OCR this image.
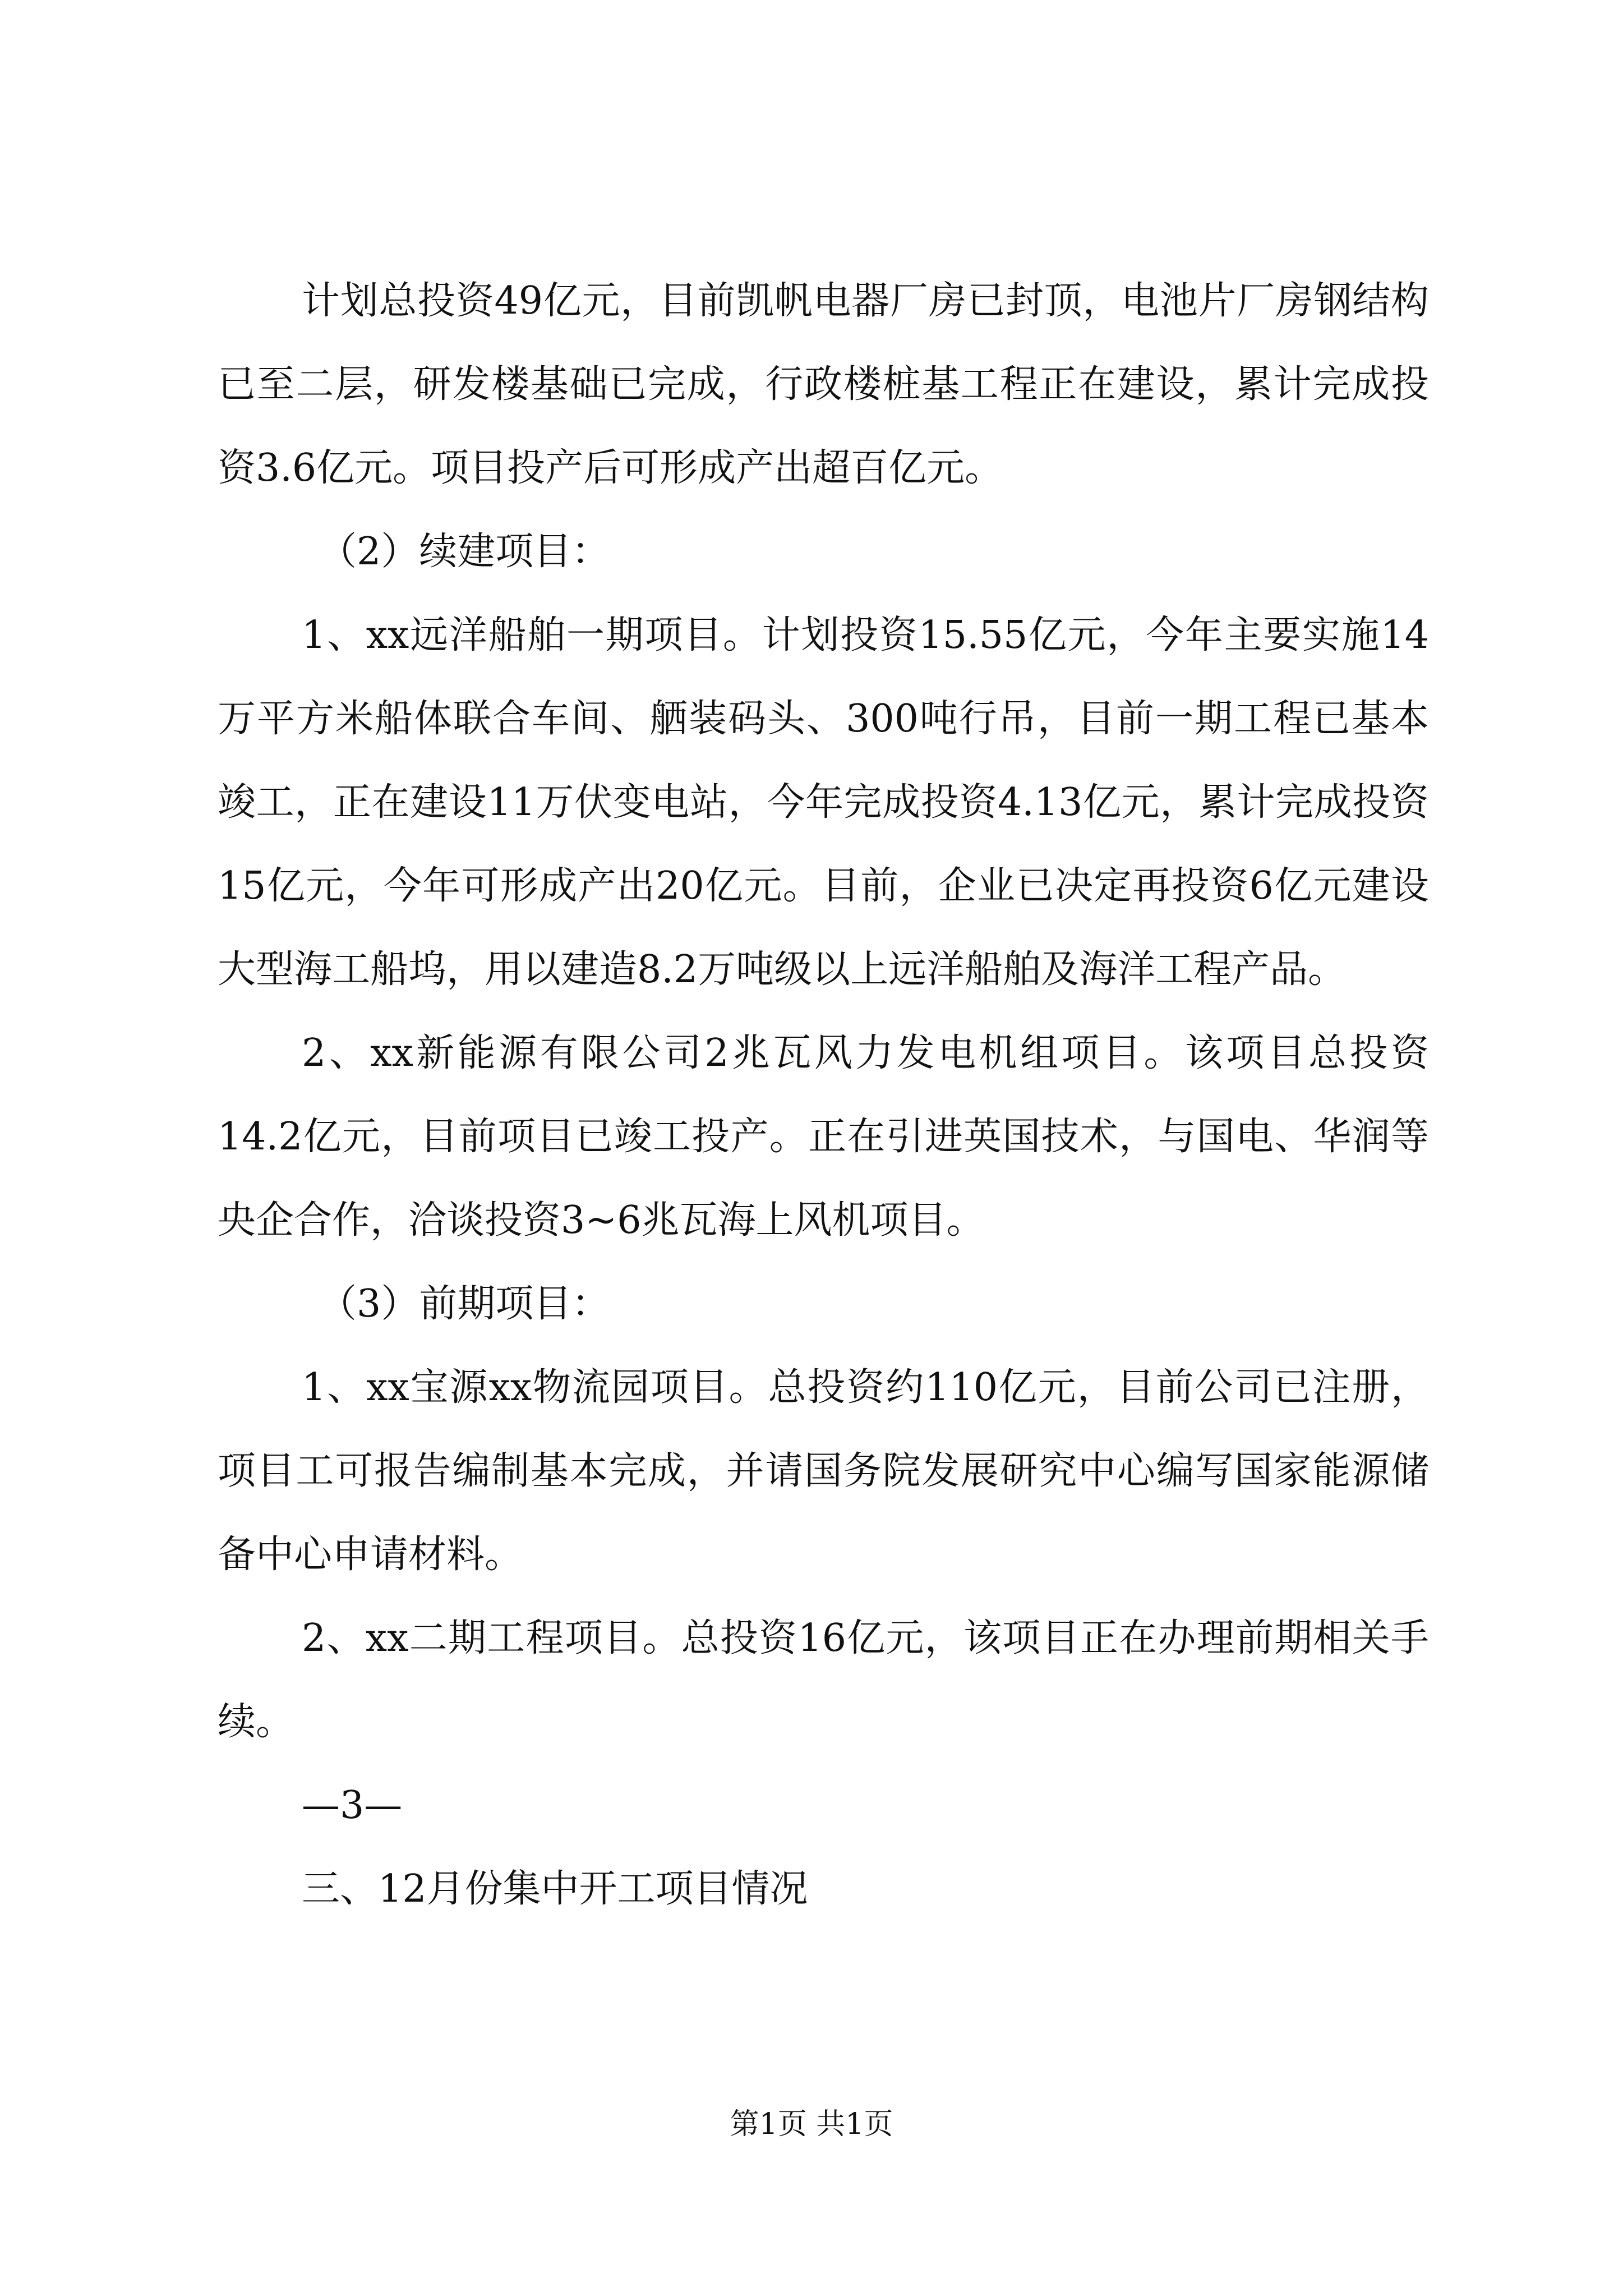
计划总投资49亿元，目前凯帆电器厂房已封顶，电池片厂房钢结构已至二层，研发楼基础已完成，行政楼桩基工程正在建设，累计完成投资3.6亿元。项目投产后可形成产出超百亿元。

（2）续建项目：

1、xx远洋船舶一期项目。计划投资15.55亿元，今年主要实施14万平方米船体联合车间、舾装码头、300吨行吊，目前一期工程已基本竣工，正在建设11万伏变电站，今年完成投资4.13亿元，累计完成投资15亿元，今年可形成产出20亿元。目前，企业已决定再投资6亿元建设大型海工船坞，用以建造8.2万吨级以上远洋船舶及海洋工程产品。

2、xx新能源有限公司2兆瓦风力发电机组项目。该项目总投资14.2亿元，目前项目已竣工投产。正在引进英国技术，与国电、华润等央企合作，洽谈投资3~6兆瓦海上风机项目。

（3）前期项目：

1、xx宝源xx物流园项目。总投资约110亿元，目前公司已注册，项目工可报告编制基本完成，并请国务院发展研究中心编写国家能源储备中心申请材料。

2、xx二期工程项目。总投资16亿元，该项目正在办理前期相关手续。

—3—

三、12月份集中开工项目情况

第1页 共1页
